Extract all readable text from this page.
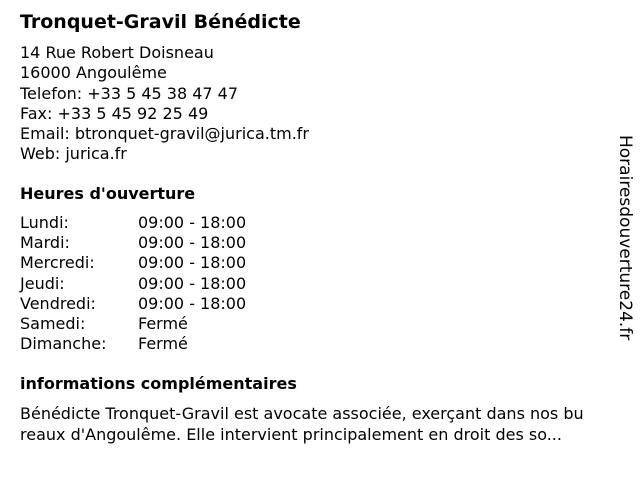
Tronquet-Gravil Bénédicte
14 Rue Robert Doisneau
16000 Angoulême
Telefon: +33 5 45 38 47 47
Fax: +33 5 45 92 25 49
Email: btronquet-gravil@jurica.tm.fr
Web: jurica.fr
Heures d'ouverture
Lundi:	09:00 - 18:00
Mardi:	09:00 - 18:00
Mercredi:	09:00 - 18:00
Jeudi:	09:00 - 18:00
Vendredi:	09:00 - 18:00
Samedi:	Fermé
Dimanche: Fermé
informations complémentaires
Bénédicte Tronquet-Gravil est avocate associée, exerçant dans nos bu
reaux d'Angoulême. Elle intervient principalement en droit des so...
Horairesdouverture24.fr
